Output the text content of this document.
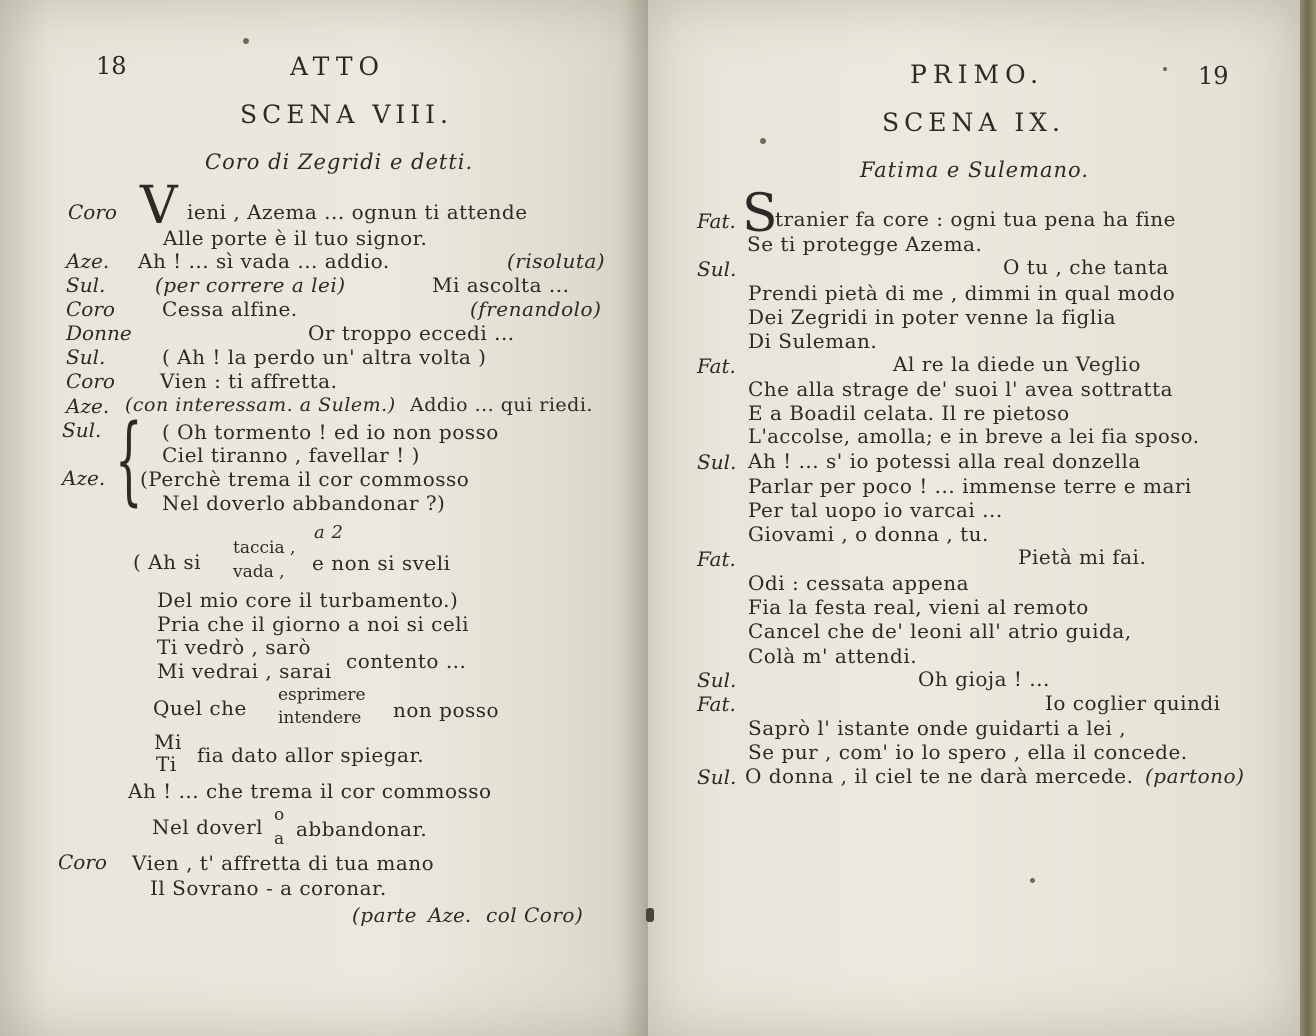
18	ATTO
SCENA VIII.
Coro di Zegridi e detti.
Coro V ieni , Azema ... ognun ti attende
Alle porte è il tuo signor.
Aze. Ah ! ... sì vada ... addio.	(risoluta)
Sul. (per correre a lei)	Mi ascolta ...
Coro Cessa alfine.	(frenandolo)
Donne	Or troppo eccedi ...
Sul.	( Ah ! la perdo un' altra volta )
Coro Vien : ti affretta.
Aze. (con interessam. a Sulem.) Addio ... qui riedi.
Sul. { ( Oh tormento ! ed io non posso
Ciel tiranno , favellar ! )
Aze. (Perchè trema il cor commosso
Nel doverlo abbandonar ?)
a 2
( Ah si
taccia ,
vada , e non si sveli
Del mio core il turbamento.)
Pria che il giorno a noi si celi
Ti vedrò , sarò
Mi vedrai , sarai contento ...
Quel che
esprimere
intendere non posso
Mi
Ti fia dato allor spiegar.
Ah ! ... che trema il cor commosso
Nel doverl o
a abbandonar.
Coro Vien , t' affretta di tua mano
Il Sovrano - a coronar.
(parte Aze. col Coro)
PRIMO.	19
SCENA IX.
Fatima e Sulemano.
Fat. S
tranier fa core : ogni tua pena ha fine
Se ti protegge Azema.
Sul.	O tu , che tanta
Prendi pietà di me , dimmi in qual modo
Dei Zegridi in poter venne la figlia
Di Suleman.
Fat.	Al re la diede un Veglio
Che alla strage de' suoi l' avea sottratta
E a Boadil celata. Il re pietoso
L'accolse, amolla; e in breve a lei fia sposo.
Sul. Ah ! ... s' io potessi alla real donzella
Parlar per poco ! ... immense terre e mari
Per tal uopo io varcai ...
Giovami , o donna , tu.
Fat.	Pietà mi fai.
Odi : cessata appena
Fia la festa real, vieni al remoto
Cancel che de' leoni all' atrio guida,
Colà m' attendi.
Sul.	Oh gioja ! ...
Fat.	Io coglier quindi
Saprò l' istante onde guidarti a lei ,
Se pur , com' io lo spero , ella il concede.
Sul. O donna , il ciel te ne darà mercede. (partono)
